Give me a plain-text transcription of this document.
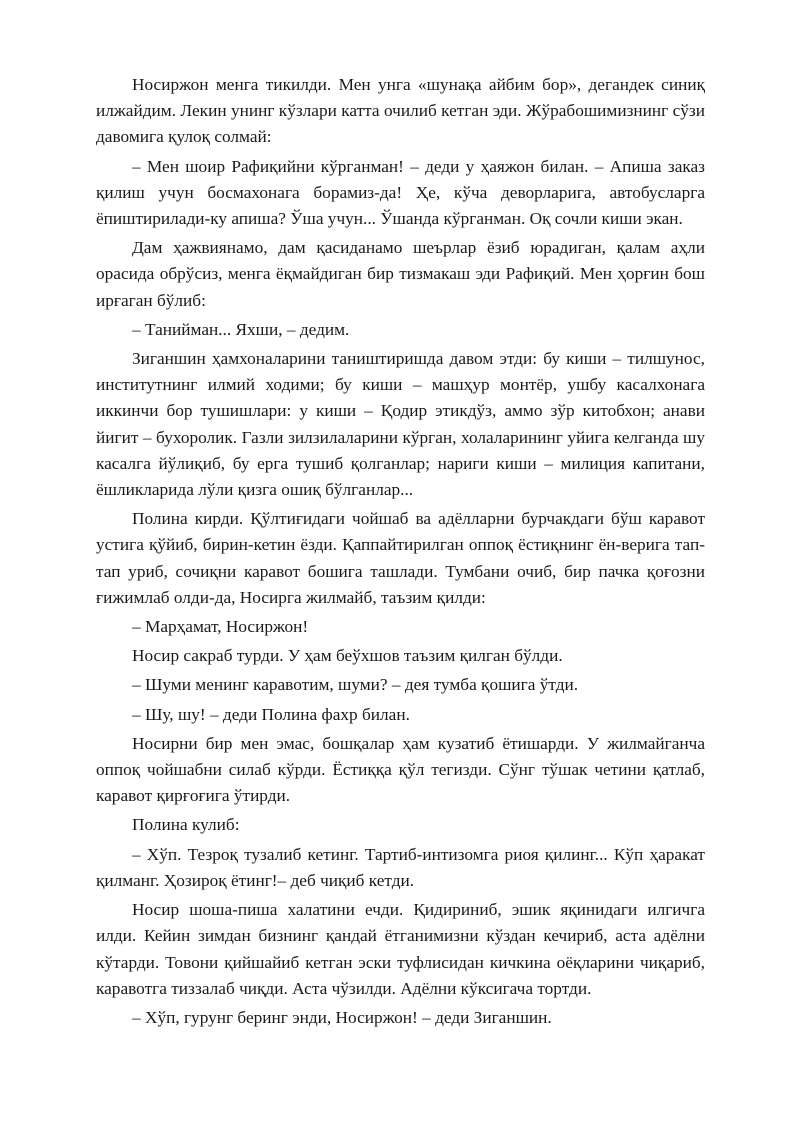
Носиржон менга тикилди. Мен унга «шунақа айбим бор», дегандек синиқ илжайдим. Лекин унинг кўзлари катта очилиб кетган эди. Жўрабошимизнинг сўзи давомига қулоқ солмай:

– Мен шоир Рафиқийни кўрганман! – деди у ҳаяжон билан. – Апиша заказ қилиш учун босмахонага борамиз-да! Ҳе, кўча деворларига, автобусларга ёпиштирилади-ку апиша? Ўша учун... Ўшанда кўрганман. Оқ сочли киши экан.

Дам ҳажвиянамо, дам қасиданамо шеърлар ёзиб юрадиган, қалам аҳли орасида обрўсиз, менга ёқмайдиган бир тизмакаш эди Рафиқий. Мен ҳорғин бош ирғаган бўлиб:

– Танийман... Яхши, – дедим.

Зиганшин ҳамхоналарини таништиришда давом этди: бу киши – тилшунос, институтнинг илмий ходими; бу киши – машҳур монтёр, ушбу касалхонага иккинчи бор тушишлари: у киши – Қодир этикдўз, аммо зўр китобхон; анави йигит – бухоролик. Газли зилзилаларини кўрган, холаларининг уйига келганда шу касалга йўлиқиб, бу ерга тушиб қолганлар; нариги киши – милиция капитани, ёшликларида лўли қизга ошиқ бўлганлар...

Полина кирди. Қўлтиғидаги чойшаб ва адёлларни бурчакдаги бўш каравот устига қўйиб, бирин-кетин ёзди. Қаппайтирилган оппоқ ёстиқнинг ён-верига тап-тап уриб, сочиқни каравот бошига ташлади. Тумбани очиб, бир пачка қоғозни ғижимлаб олди-да, Носирга жилмайб, таъзим қилди:

– Марҳамат, Носиржон!

Носир сакраб турди. У ҳам беўхшов таъзим қилган бўлди.

– Шуми менинг каравотим, шуми? – дея тумба қошига ўтди.

– Шу, шу! – деди Полина фахр билан.

Носирни бир мен эмас, бошқалар ҳам кузатиб ётишарди. У жилмайганча оппоқ чойшабни силаб кўрди. Ёстиққа қўл тегизди. Сўнг тўшак четини қатлаб, каравот қирғоғига ўтирди.

Полина кулиб:

– Хўп. Тезроқ тузалиб кетинг. Тартиб-интизомга риоя қилинг... Кўп ҳаракат қилманг. Ҳозироқ ётинг!– деб чиқиб кетди.

Носир шоша-пиша халатини ечди. Қидириниб, эшик яқинидаги илгичга илди. Кейин зимдан бизнинг қандай ётганимизни кўздан кечириб, аста адёлни кўтарди. Товони қийшайиб кетган эски туфлисидан кичкина оёқларини чиқариб, каравотга тиззалаб чиқди. Аста чўзилди. Адёлни кўксигача тортди.

– Хўп, гурунг беринг энди, Носиржон! – деди Зиганшин.
